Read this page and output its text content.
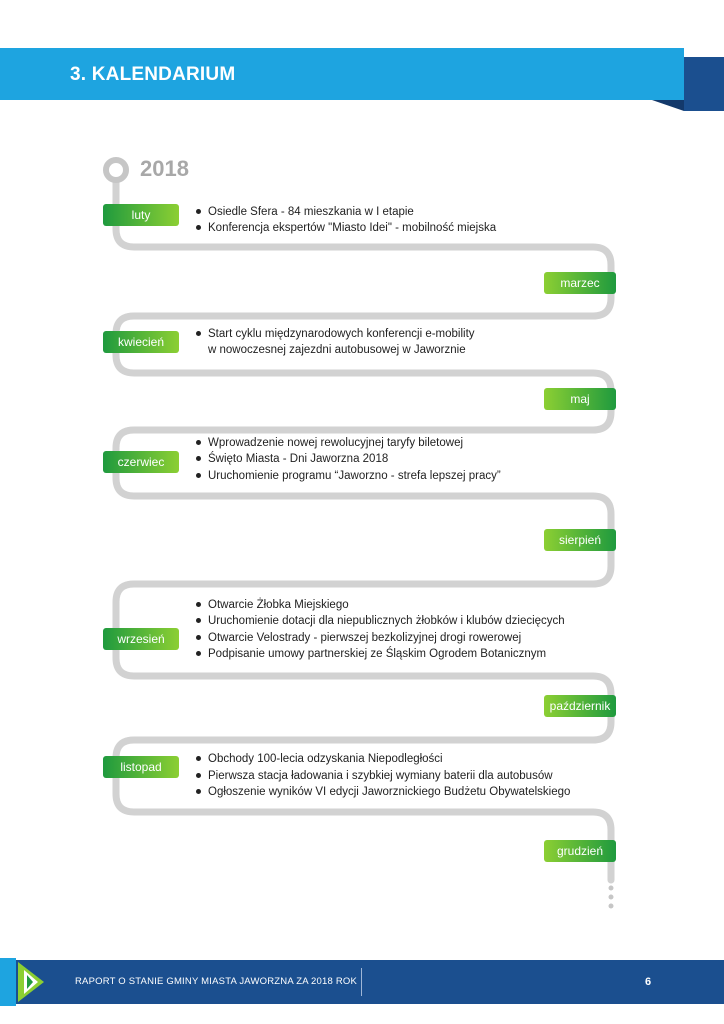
3. KALENDARIUM
2018
luty	Osiedle Sfera - 84 mieszkania w I etapie
Konferencja ekspertów "Miasto Idei" - mobilność miejska
marzec
kwiecień
Start cyklu międzynarodowych konferencji e-mobility
w nowoczesnej zajezdni autobusowej w Jaworznie
maj
czerwiec
Wprowadzenie nowej rewolucyjnej taryfy biletowej
Święto Miasta - Dni Jaworzna 2018
Uruchomienie programu “Jaworzno - strefa lepszej pracy”
sierpień
wrzesień
Otwarcie Żłobka Miejskiego
Uruchomienie dotacji dla niepublicznych żłobków i klubów dziecięcych
Otwarcie Velostrady - pierwszej bezkolizyjnej drogi rowerowej
Podpisanie umowy partnerskiej ze Śląskim Ogrodem Botanicznym
październik
listopad
Obchody 100-lecia odzyskania Niepodległości
Pierwsza stacja ładowania i szybkiej wymiany baterii dla autobusów
Ogłoszenie wyników VI edycji Jaworznickiego Budżetu Obywatelskiego
grudzień
RAPORT O STANIE GMINY MIASTA JAWORZNA ZA 2018 ROK	6
